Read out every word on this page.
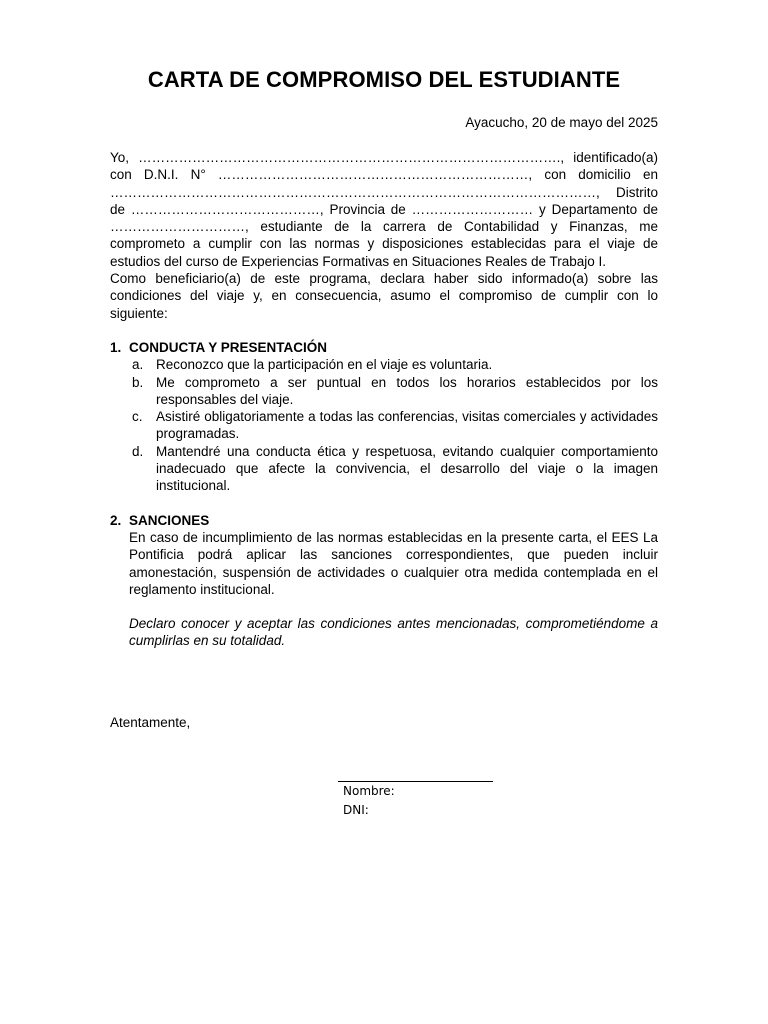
CARTA DE COMPROMISO DEL ESTUDIANTE
Ayacucho, 20 de mayo del 2025

Yo, …………………………………………………………………………………., identificado(a) con D.N.I. N° ……………………………………………………………, con domicilio en ………………………………………………………………………………………………, Distrito de ……………………………………, Provincia de ……………………… y Departamento de …………………………, estudiante de la carrera de Contabilidad y Finanzas, me comprometo a cumplir con las normas y disposiciones establecidas para el viaje de estudios del curso de Experiencias Formativas en Situaciones Reales de Trabajo I.

Como beneficiario(a) de este programa, declara haber sido informado(a) sobre las condiciones del viaje y, en consecuencia, asumo el compromiso de cumplir con lo siguiente:

1. CONDUCTA Y PRESENTACIÓN
a. Reconozco que la participación en el viaje es voluntaria.
b. Me comprometo a ser puntual en todos los horarios establecidos por los responsables del viaje.
c. Asistiré obligatoriamente a todas las conferencias, visitas comerciales y actividades programadas.
d. Mantendré una conducta ética y respetuosa, evitando cualquier comportamiento inadecuado que afecte la convivencia, el desarrollo del viaje o la imagen institucional.
2. SANCIONES
En caso de incumplimiento de las normas establecidas en la presente carta, el EES La Pontificia podrá aplicar las sanciones correspondientes, que pueden incluir amonestación, suspensión de actividades o cualquier otra medida contemplada en el reglamento institucional.
Declaro conocer y aceptar las condiciones antes mencionadas, comprometiéndome a cumplirlas en su totalidad.
Atentamente,
Nombre:
DNI:
